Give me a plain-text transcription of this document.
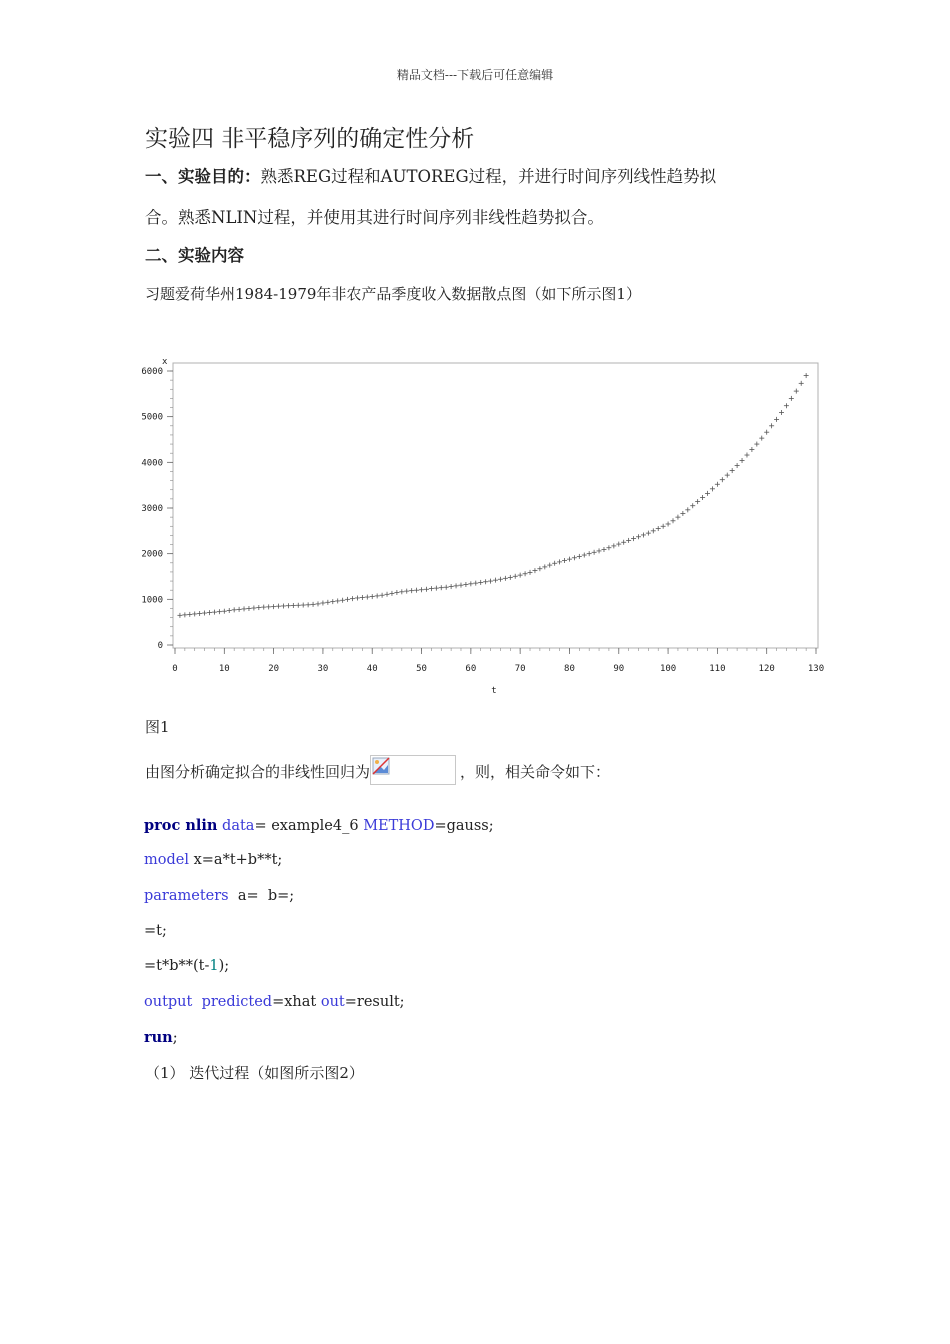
精品文档---下载后可任意编辑
实验四 非平稳序列的确定性分析
一、实验目的：熟悉REG过程和AUTOREG过程，并进行时间序列线性趋势拟
合。熟悉NLIN过程，并使用其进行时间序列非线性趋势拟合。
二、实验内容
习题爱荷华州1984-1979年非农产品季度收入数据散点图（如下所示图1）
0	10	20	30	40	50	60	70	80	90	100	110	120	130
0
1000
2000
3000
4000
5000
6000
x
t
图1
由图分析确定拟合的非线性回归为	，则，相关命令如下：
proc nlin data= example4_6 METHOD=gauss;
model x=a*t+b**t;
parameters  a=  b=;
=t;
=t*b**(t-1);
output predicted=xhat out=result;
run;
（1） 迭代过程（如图所示图2）
